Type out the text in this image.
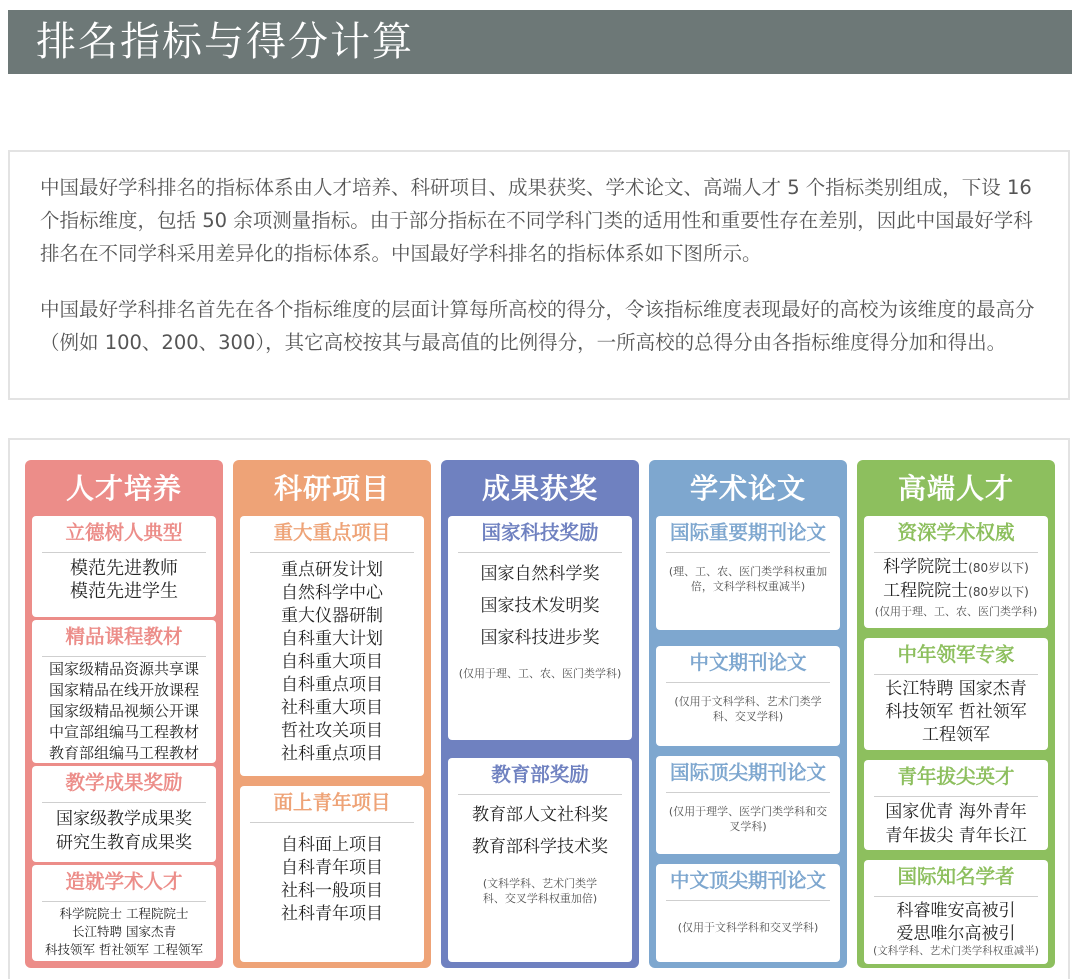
排名指标与得分计算

中国最好学科排名的指标体系由人才培养、科研项目、成果获奖、学术论文、高端人才 5 个指标类别组成，下设 16 个指标维度，包括 50 余项测量指标。由于部分指标在不同学科门类的适用性和重要性存在差别，因此中国最好学科排名在不同学科采用差异化的指标体系。中国最好学科排名的指标体系如下图所示。

中国最好学科排名首先在各个指标维度的层面计算每所高校的得分，令该指标维度表现最好的高校为该维度的最高分（例如 100、200、300），其它高校按其与最高值的比例得分，一所高校的总得分由各指标维度得分加和得出。

人才培养
立德树人典型
模范先进教师
模范先进学生
精品课程教材
国家级精品资源共享课
国家精品在线开放课程
国家级精品视频公开课
中宣部组编马工程教材
教育部组编马工程教材
教学成果奖励
国家级教学成果奖
研究生教育成果奖
造就学术人才
科学院院士 工程院院士
长江特聘 国家杰青
科技领军 哲社领军 工程领军
科研项目
重大重点项目
重点研发计划
自然科学中心
重大仪器研制
自科重大计划
自科重大项目
自科重点项目
社科重大项目
哲社攻关项目
社科重点项目
面上青年项目
自科面上项目
自科青年项目
社科一般项目
社科青年项目
成果获奖
国家科技奖励
国家自然科学奖
国家技术发明奖
国家科技进步奖
(仅用于理、工、农、医门类学科)
教育部奖励
教育部人文社科奖
教育部科学技术奖
(文科学科、艺术门类学科、交叉学科权重加倍)
学术论文
国际重要期刊论文
(理、工、农、医门类学科权重加倍，文科学科权重减半)
中文期刊论文
(仅用于文科学科、艺术门类学科、交叉学科)
国际顶尖期刊论文
(仅用于理学、医学门类学科和交叉学科)
中文顶尖期刊论文
(仅用于文科学科和交叉学科)
高端人才
资深学术权威
科学院院士(80岁以下)
工程院院士(80岁以下)
(仅用于理、工、农、医门类学科)
中年领军专家
长江特聘 国家杰青
科技领军 哲社领军
工程领军
青年拔尖英才
国家优青 海外青年
青年拔尖 青年长江
国际知名学者
科睿唯安高被引
爱思唯尔高被引
(文科学科、艺术门类学科权重减半)
